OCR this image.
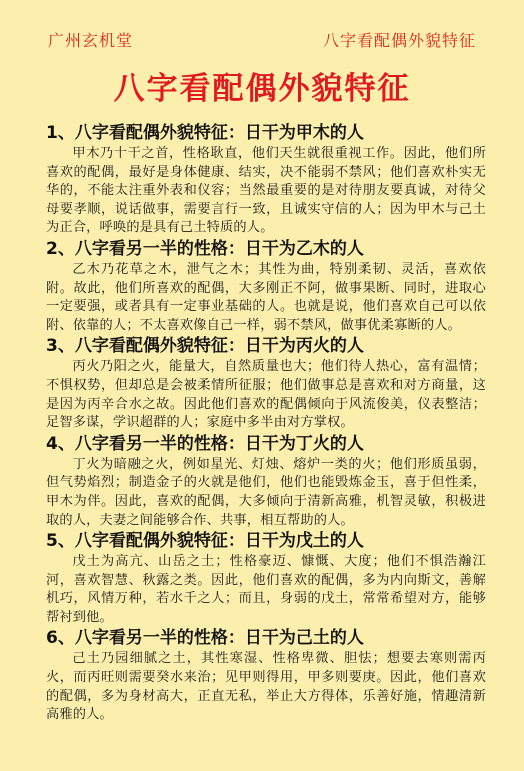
广州玄机堂	八字看配偶外貌特征
八字看配偶外貌特征
1、八字看配偶外貌特征：日干为甲木的人

甲木乃十干之首，性格耿直，他们天生就很重视工作。因此，他们所喜欢的配偶，最好是身体健康、结实，决不能弱不禁风；他们喜欢朴实无华的，不能太注重外表和仪容；当然最重要的是对待朋友要真诚，对待父母要孝顺，说话做事，需要言行一致，且诚实守信的人；因为甲木与己土为正合，呼唤的是具有己土特质的人。

2、八字看另一半的性格：日干为乙木的人

乙木乃花草之木，泄气之木；其性为曲，特别柔韧、灵活，喜欢依附。故此，他们所喜欢的配偶，大多刚正不阿，做事果断、同时，进取心一定要强，或者具有一定事业基础的人。也就是说，他们喜欢自己可以依附、依靠的人；不太喜欢像自己一样，弱不禁风，做事优柔寡断的人。

3、八字看配偶外貌特征：日干为丙火的人

丙火乃阳之火，能量大，自然质量也大；他们待人热心，富有温情；不惧权势，但却总是会被柔情所征服；他们做事总是喜欢和对方商量，这是因为丙辛合水之故。因此他们喜欢的配偶倾向于风流俊美，仪表整洁；足智多谋，学识超群的人；家庭中多半由对方掌权。

4、八字看另一半的性格：日干为丁火的人

丁火为暗融之火，例如星光、灯烛、熔炉一类的火；他们形质虽弱，但气势焰烈；制造金子的火就是他们，他们也能毁炼金玉，喜于但性柔，甲木为伴。因此，喜欢的配偶，大多倾向于清新高雅，机智灵敏，积极进取的人，夫妻之间能够合作、共事，相互帮助的人。

5、八字看配偶外貌特征：日干为戊土的人

戊土为高亢、山岳之土；性格豪迈、慷慨、大度；他们不惧浩瀚江河，喜欢智慧、秋露之类。因此，他们喜欢的配偶，多为内向斯文，善解机巧，风情万种，若水千之人；而且，身弱的戊土，常常希望对方，能够帮衬到他。

6、八字看另一半的性格：日干为己土的人

己土乃园细腻之土，其性寒湿、性格卑微、胆怯；想要去寒则需丙火，而丙旺则需要癸水来治；见甲则得用，甲多则要庚。因此，他们喜欢的配偶，多为身材高大，正直无私，举止大方得体，乐善好施，情趣清新高雅的人。
